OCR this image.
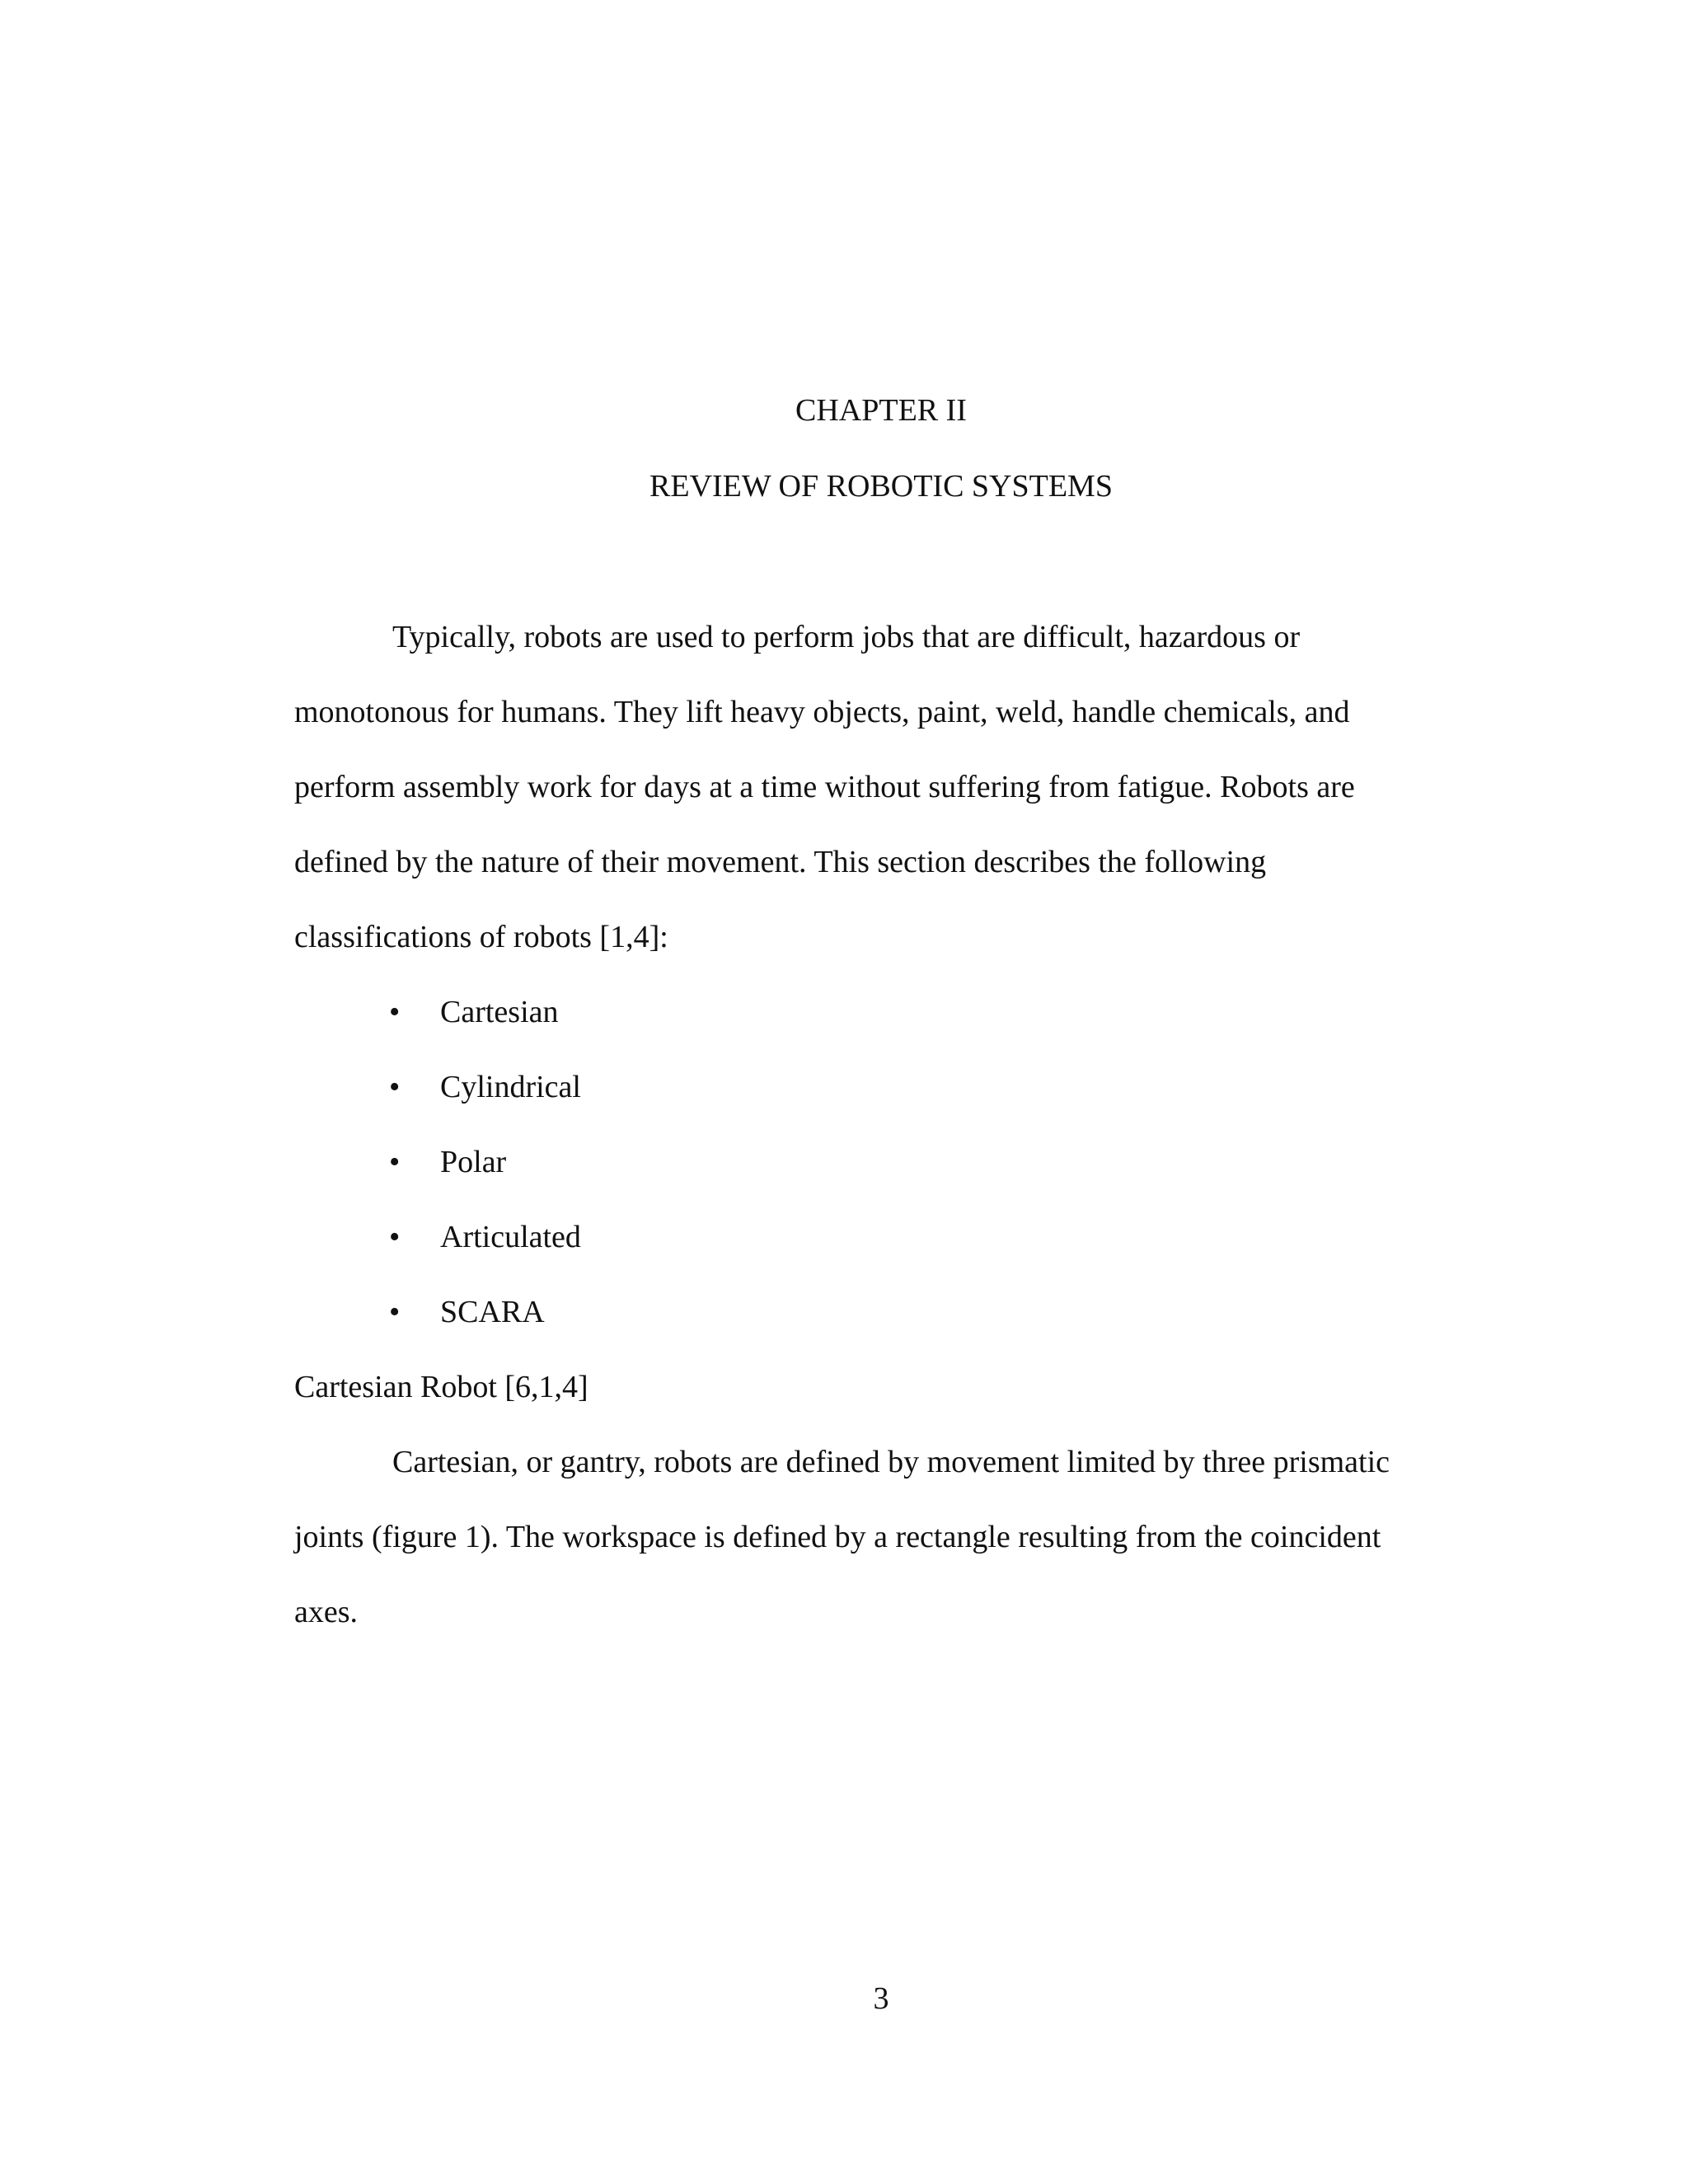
CHAPTER II
REVIEW OF ROBOTIC SYSTEMS
Typically, robots are used to perform jobs that are difficult, hazardous or
monotonous for humans. They lift heavy objects, paint, weld, handle chemicals, and
perform assembly work for days at a time without suffering from fatigue. Robots are
defined by the nature of their movement. This section describes the following
classifications of robots [1,4]:
• Cartesian
• Cylindrical
• Polar
• Articulated
• SCARA
Cartesian Robot [6,1,4]
Cartesian, or gantry, robots are defined by movement limited by three prismatic
joints (figure 1). The workspace is defined by a rectangle resulting from the coincident
axes.
3
